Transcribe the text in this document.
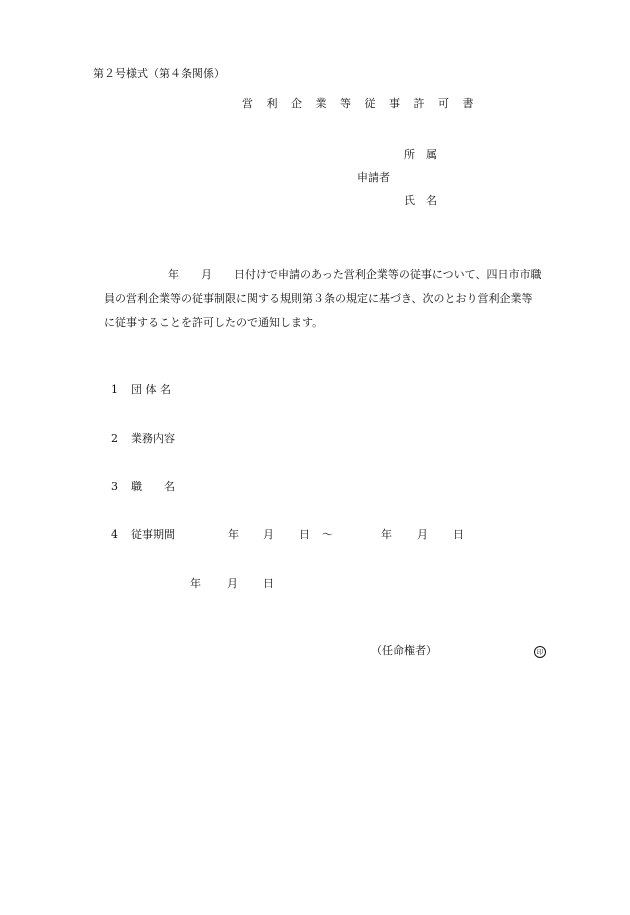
第２号様式（第４条関係）
営 利 企 業 等 従 事 許 可 書
所　属
申請者
氏　名
年　　月　　日付けで申請のあった営利企業等の従事について、四日市市職
員の営利企業等の従事制限に関する規則第３条の規定に基づき、次のとおり営利企業等
に従事することを許可したので通知します。
1 団 体 名
2 業務内容
3 職　　名
4 従事期間	年 月 日 ～	年 月 日
年 月 日
（任命権者）	印
